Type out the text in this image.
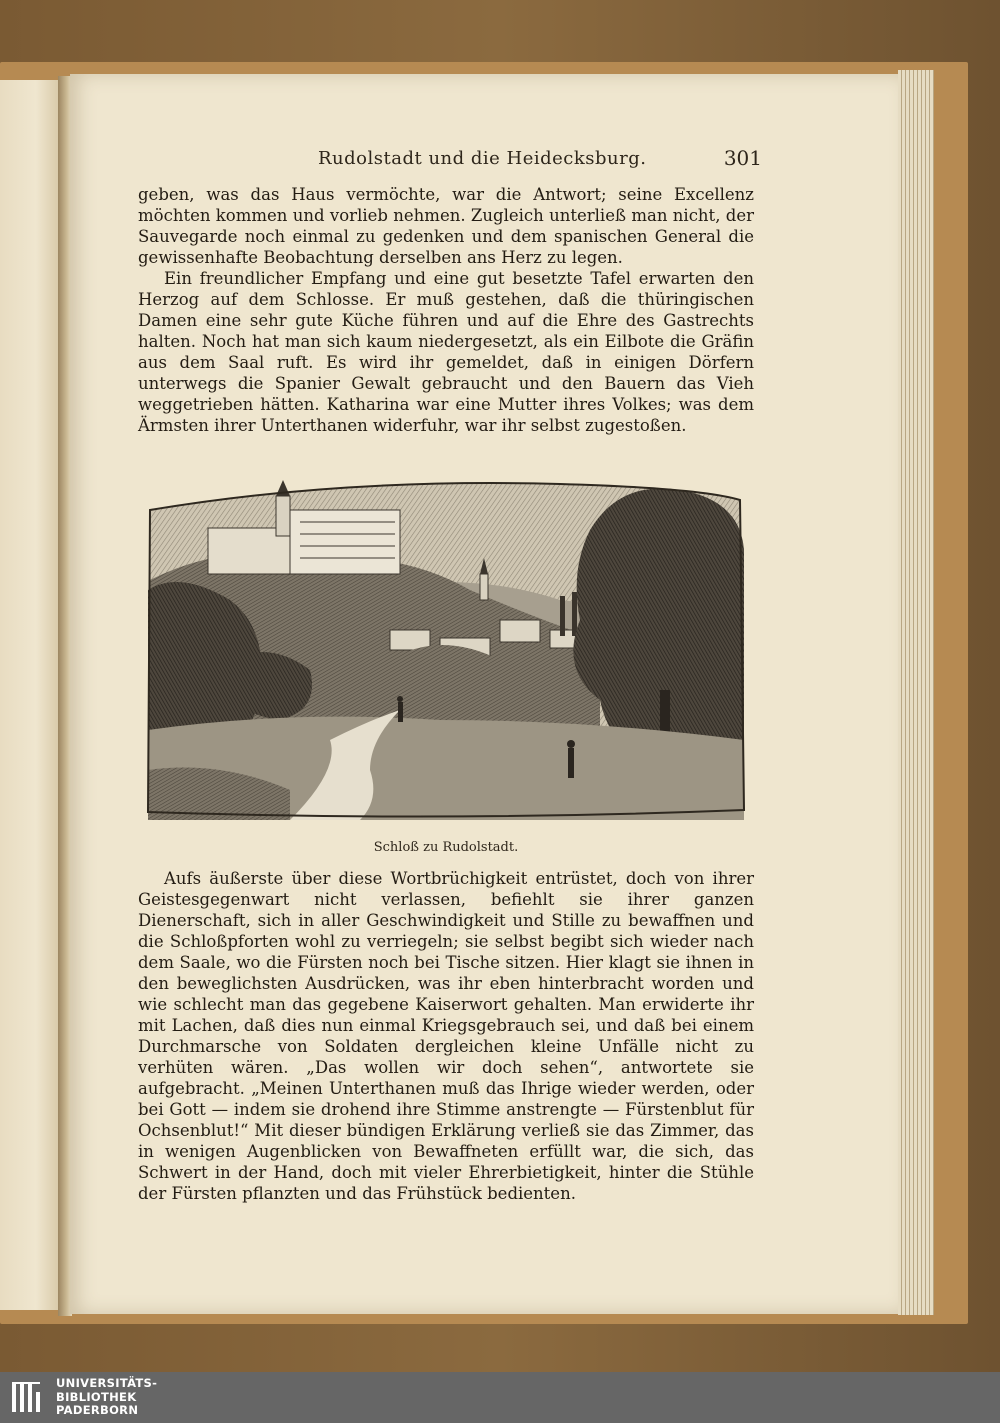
Rudolstadt und die Heidecksburg.	301

geben, was das Haus vermöchte, war die Antwort; seine Excellenz möchten kommen und vorlieb nehmen. Zugleich unterließ man nicht, der Sauvegarde noch einmal zu gedenken und dem spanischen General die gewissenhafte Beobachtung derselben ans Herz zu legen.

Ein freundlicher Empfang und eine gut besetzte Tafel erwarten den Herzog auf dem Schlosse. Er muß gestehen, daß die thüringischen Damen eine sehr gute Küche führen und auf die Ehre des Gastrechts halten. Noch hat man sich kaum niedergesetzt, als ein Eilbote die Gräfin aus dem Saal ruft. Es wird ihr gemeldet, daß in einigen Dörfern unterwegs die Spanier Gewalt gebraucht und den Bauern das Vieh weggetrieben hätten. Katharina war eine Mutter ihres Volkes; was dem Ärmsten ihrer Unterthanen widerfuhr, war ihr selbst zugestoßen.

Schloß zu Rudolstadt.

Aufs äußerste über diese Wortbrüchigkeit entrüstet, doch von ihrer Geistesgegenwart nicht verlassen, befiehlt sie ihrer ganzen Dienerschaft, sich in aller Geschwindigkeit und Stille zu bewaffnen und die Schloßpforten wohl zu verriegeln; sie selbst begibt sich wieder nach dem Saale, wo die Fürsten noch bei Tische sitzen. Hier klagt sie ihnen in den beweglichsten Ausdrücken, was ihr eben hinterbracht worden und wie schlecht man das gegebene Kaiserwort gehalten. Man erwiderte ihr mit Lachen, daß dies nun einmal Kriegsgebrauch sei, und daß bei einem Durchmarsche von Soldaten dergleichen kleine Unfälle nicht zu verhüten wären. „Das wollen wir doch sehen“, antwortete sie aufgebracht. „Meinen Unterthanen muß das Ihrige wieder werden, oder bei Gott — indem sie drohend ihre Stimme anstrengte — Fürstenblut für Ochsenblut!“ Mit dieser bündigen Erklärung verließ sie das Zimmer, das in wenigen Augenblicken von Bewaffneten erfüllt war, die sich, das Schwert in der Hand, doch mit vieler Ehrerbietigkeit, hinter die Stühle der Fürsten pflanzten und das Frühstück bedienten.

UNIVERSITÄTS-
BIBLIOTHEK
PADERBORN
